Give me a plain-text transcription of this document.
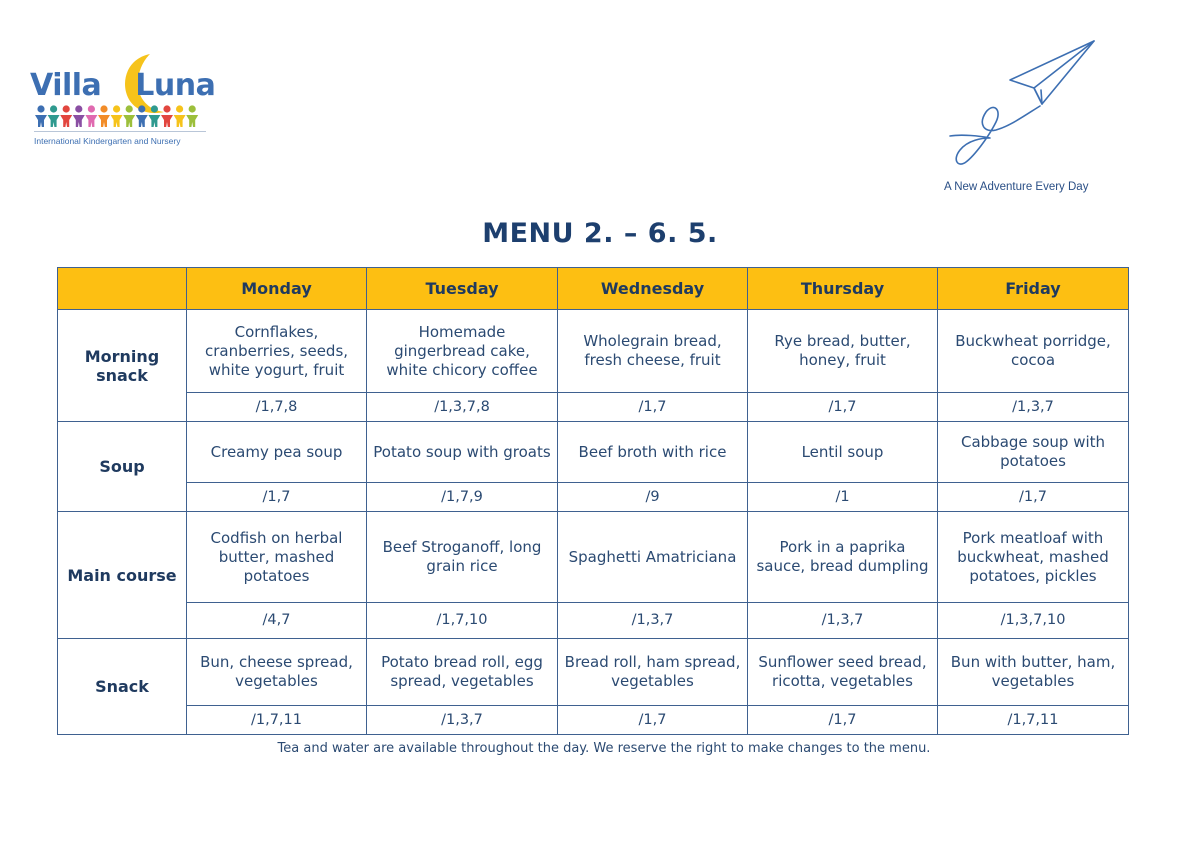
Villa Luna
International Kindergarten and Nursery
A New Adventure Every Day
MENU 2. – 6. 5.
	Monday	Tuesday	Wednesday	Thursday	Friday
Morning snack	Cornflakes, cranberries, seeds, white yogurt, fruit	Homemade gingerbread cake, white chicory coffee	Wholegrain bread, fresh cheese, fruit	Rye bread, butter, honey, fruit	Buckwheat porridge, cocoa
	/1,7,8	/1,3,7,8	/1,7	/1,7	/1,3,7
Soup	Creamy pea soup	Potato soup with groats	Beef broth with rice	Lentil soup	Cabbage soup with potatoes
	/1,7	/1,7,9	/9	/1	/1,7
Main course	Codfish on herbal butter, mashed potatoes	Beef Stroganoff, long grain rice	Spaghetti Amatriciana	Pork in a paprika sauce, bread dumpling	Pork meatloaf with buckwheat, mashed potatoes, pickles
	/4,7	/1,7,10	/1,3,7	/1,3,7	/1,3,7,10
Snack	Bun, cheese spread, vegetables	Potato bread roll, egg spread, vegetables	Bread roll, ham spread, vegetables	Sunflower seed bread, ricotta, vegetables	Bun with butter, ham, vegetables
	/1,7,11	/1,3,7	/1,7	/1,7	/1,7,11
Tea and water are available throughout the day. We reserve the right to make changes to the menu.
